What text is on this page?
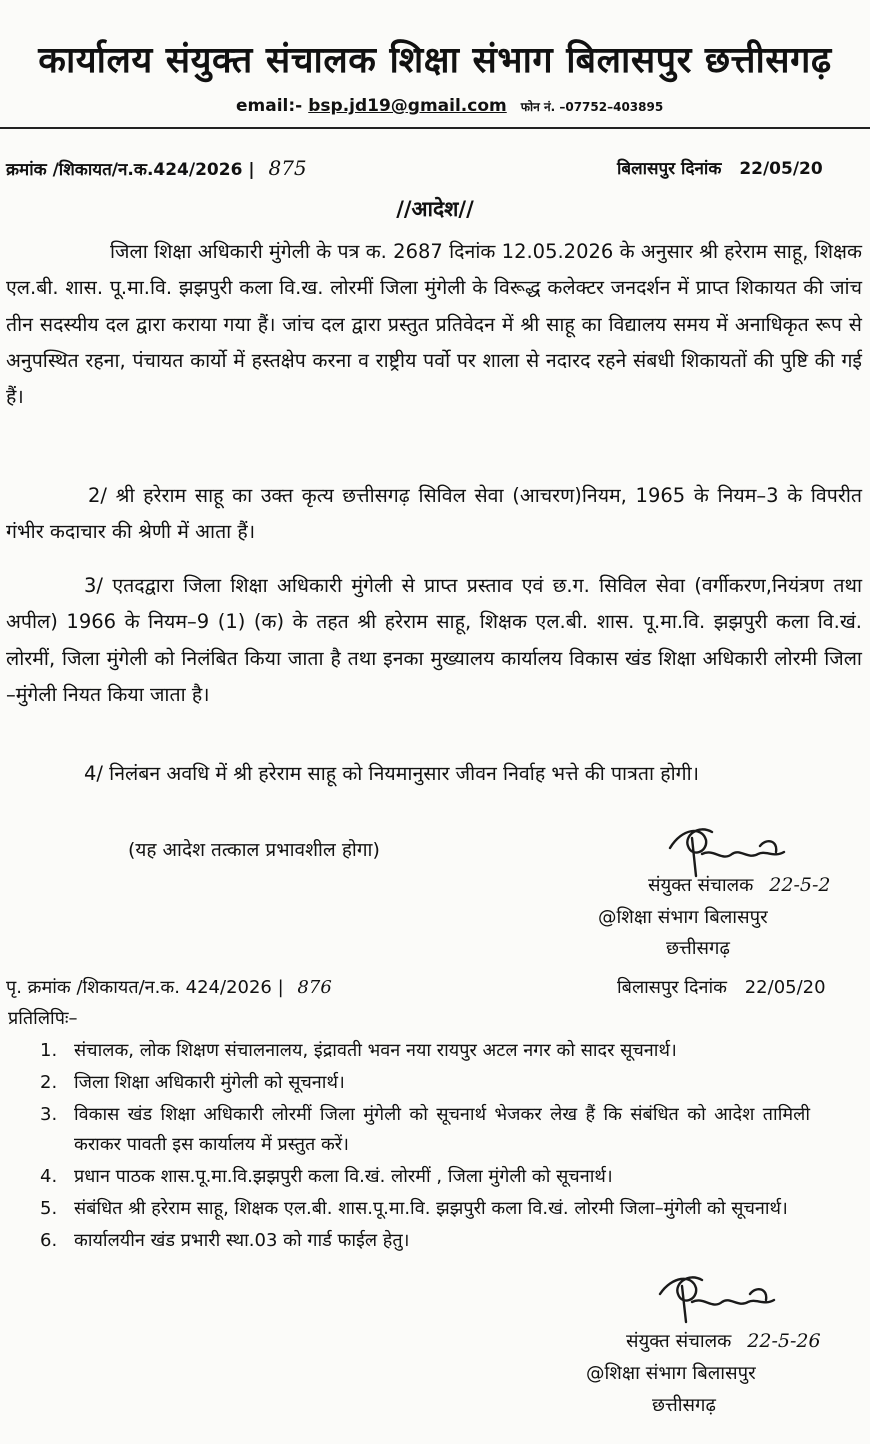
कार्यालय संयुक्त संचालक शिक्षा संभाग बिलासपुर छत्तीसगढ़
email:- bsp.jd19@gmail.com फोन नं. –07752–403895
क्रमांक /शिकायत/न.क.424/2026 | 875	बिलासपुर दिनांक 22/05/20
//आदेश//
जिला शिक्षा अधिकारी मुंगेली के पत्र क. 2687 दिनांक 12.05.2026 के अनुसार श्री हरेराम साहू, शिक्षक एल.बी. शास. पू.मा.वि. झझपुरी कला वि.ख. लोरमीं जिला मुंगेली के विरूद्ध कलेक्टर जनदर्शन में प्राप्त शिकायत की जांच तीन सदस्यीय दल द्वारा कराया गया हैं। जांच दल द्वारा प्रस्तुत प्रतिवेदन में श्री साहू का विद्यालय समय में अनाधिकृत रूप से अनुपस्थित रहना, पंचायत कार्यो में हस्तक्षेप करना व राष्ट्रीय पर्वो पर शाला से नदारद रहने संबधी शिकायतों की पुष्टि की गई हैं।
2/ श्री हरेराम साहू का उक्त कृत्य छत्तीसगढ़ सिविल सेवा (आचरण)नियम, 1965 के नियम–3 के विपरीत गंभीर कदाचार की श्रेणी में आता हैं।
3/ एतदद्वारा जिला शिक्षा अधिकारी मुंगेली से प्राप्त प्रस्ताव एवं छ.ग. सिविल सेवा (वर्गीकरण,नियंत्रण तथा अपील) 1966 के नियम–9 (1) (क) के तहत श्री हरेराम साहू, शिक्षक एल.बी. शास. पू.मा.वि. झझपुरी कला वि.खं. लोरमीं, जिला मुंगेली को निलंबित किया जाता है तथा इनका मुख्यालय कार्यालय विकास खंड शिक्षा अधिकारी लोरमी जिला –मुंगेली नियत किया जाता है।
4/ निलंबन अवधि में श्री हरेराम साहू को नियमानुसार जीवन निर्वाह भत्ते की पात्रता होगी।
(यह आदेश तत्काल प्रभावशील होगा)
संयुक्त संचालक 22-5-2
@शिक्षा संभाग बिलासपुर
छत्तीसगढ़
पृ. क्रमांक /शिकायत/न.क. 424/2026 | 876	बिलासपुर दिनांक 22/05/20
प्रतिलिपिः–
1. संचालक, लोक शिक्षण संचालनालय, इंद्रावती भवन नया रायपुर अटल नगर को सादर सूचनार्थ।
2. जिला शिक्षा अधिकारी मुंगेली को सूचनार्थ।
3. विकास खंड शिक्षा अधिकारी लोरमीं जिला मुंगेली को सूचनार्थ भेजकर लेख हैं कि संबंधित को आदेश तामिली कराकर पावती इस कार्यालय में प्रस्तुत करें।
4. प्रधान पाठक शास.पू.मा.वि.झझपुरी कला वि.खं. लोरमीं , जिला मुंगेली को सूचनार्थ।
5. संबंधित श्री हरेराम साहू, शिक्षक एल.बी. शास.पू.मा.वि. झझपुरी कला वि.खं. लोरमी जिला–मुंगेली को सूचनार्थ।
6. कार्यालयीन खंड प्रभारी स्था.03 को गार्ड फाईल हेतु।
संयुक्त संचालक 22-5-26
@शिक्षा संभाग बिलासपुर
छत्तीसगढ़
